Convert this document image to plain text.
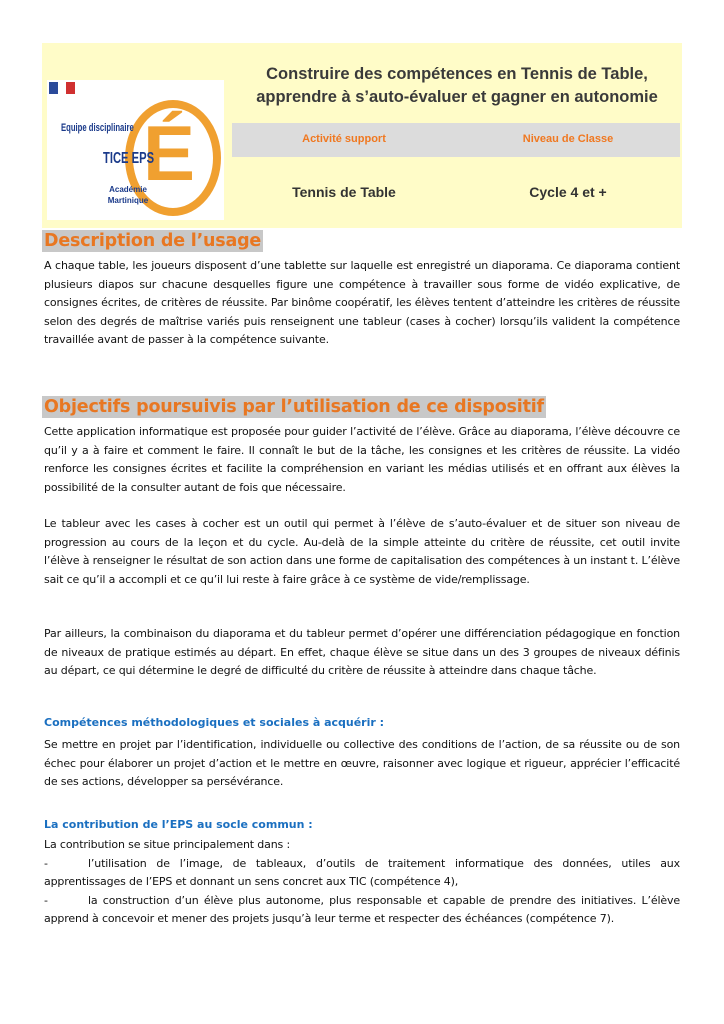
É
Equipe disciplinaire
TICE EPS
Académie Martinique
Construire des compétences en Tennis de Table,
apprendre à s’auto-évaluer et gagner en autonomie
Activité support	Niveau de Classe
Tennis de Table	Cycle 4 et +
Description de l’usage

A chaque table, les joueurs disposent d’une tablette sur laquelle est enregistré un diaporama. Ce diaporama contient plusieurs diapos sur chacune desquelles figure une compétence à travailler sous forme de vidéo explicative, de consignes écrites, de critères de réussite. Par binôme coopératif, les élèves tentent d’atteindre les critères de réussite selon des degrés de maîtrise variés puis renseignent une tableur (cases à cocher) lorsqu’ils valident la compétence travaillée avant de passer à la compétence suivante.

Objectifs poursuivis par l’utilisation de ce dispositif

Cette application informatique est proposée pour guider l’activité de l’élève. Grâce au diaporama, l’élève découvre ce qu’il y a à faire et comment le faire. Il connaît le but de la tâche, les consignes et les critères de réussite. La vidéo renforce les consignes écrites et facilite la compréhension en variant les médias utilisés et en offrant aux élèves la possibilité de la consulter autant de fois que nécessaire.

Le tableur avec les cases à cocher est un outil qui permet à l’élève de s’auto-évaluer et de situer son niveau de progression au cours de la leçon et du cycle. Au-delà de la simple atteinte du critère de réussite, cet outil invite l’élève à renseigner le résultat de son action dans une forme de capitalisation des compétences à un instant t. L’élève sait ce qu’il a accompli et ce qu’il lui reste à faire grâce à ce système de vide/remplissage.

Par ailleurs, la combinaison du diaporama et du tableur permet d’opérer une différenciation pédagogique en fonction de niveaux de pratique estimés au départ. En effet, chaque élève se situe dans un des 3 groupes de niveaux définis au départ, ce qui détermine le degré de difficulté du critère de réussite à atteindre dans chaque tâche.

Compétences méthodologiques et sociales à acquérir :

Se mettre en projet par l’identification, individuelle ou collective des conditions de l’action, de sa réussite ou de son échec pour élaborer un projet d’action et le mettre en œuvre, raisonner avec logique et rigueur, apprécier l’efficacité de ses actions, développer sa persévérance.

La contribution de l’EPS au socle commun :
La contribution se situe principalement dans :
-	l’utilisation de l’image, de tableaux, d’outils de traitement informatique des données, utiles aux apprentissages de l’EPS et donnant un sens concret aux TIC (compétence 4),
-	la construction d’un élève plus autonome, plus responsable et capable de prendre des initiatives. L’élève apprend à concevoir et mener des projets jusqu’à leur terme et respecter des échéances (compétence 7).
